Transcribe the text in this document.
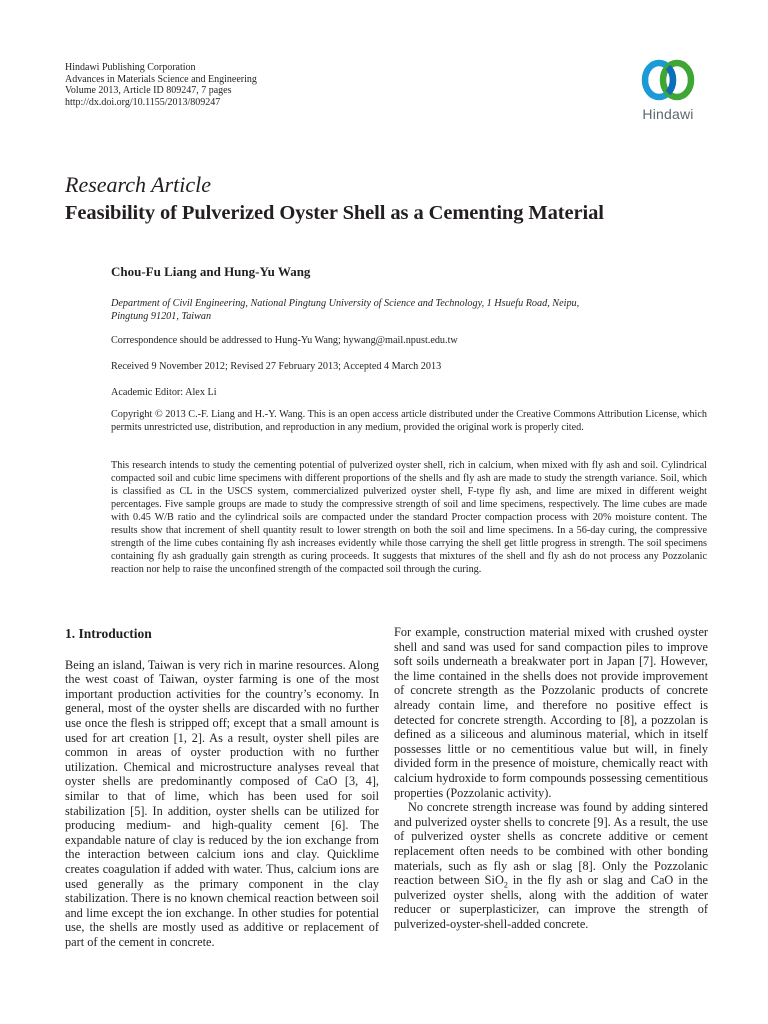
Hindawi Publishing Corporation
Advances in Materials Science and Engineering
Volume 2013, Article ID 809247, 7 pages
http://dx.doi.org/10.1155/2013/809247
Hindawi
Research Article
Feasibility of Pulverized Oyster Shell as a Cementing Material
Chou-Fu Liang and Hung-Yu Wang
Department of Civil Engineering, National Pingtung University of Science and Technology, 1 Hsuefu Road, Neipu,
Pingtung 91201, Taiwan
Correspondence should be addressed to Hung-Yu Wang; hywang@mail.npust.edu.tw
Received 9 November 2012; Revised 27 February 2013; Accepted 4 March 2013
Academic Editor: Alex Li
Copyright © 2013 C.-F. Liang and H.-Y. Wang. This is an open access article distributed under the Creative Commons Attribution License, which permits unrestricted use, distribution, and reproduction in any medium, provided the original work is properly cited.
This research intends to study the cementing potential of pulverized oyster shell, rich in calcium, when mixed with fly ash and soil. Cylindrical compacted soil and cubic lime specimens with different proportions of the shells and fly ash are made to study the strength variance. Soil, which is classified as CL in the USCS system, commercialized pulverized oyster shell, F-type fly ash, and lime are mixed in different weight percentages. Five sample groups are made to study the compressive strength of soil and lime specimens, respectively. The lime cubes are made with 0.45 W/B ratio and the cylindrical soils are compacted under the standard Procter compaction process with 20% moisture content. The results show that increment of shell quantity result to lower strength on both the soil and lime specimens. In a 56-day curing, the compressive strength of the lime cubes containing fly ash increases evidently while those carrying the shell get little progress in strength. The soil specimens containing fly ash gradually gain strength as curing proceeds. It suggests that mixtures of the shell and fly ash do not process any Pozzolanic reaction nor help to raise the unconfined strength of the compacted soil through the curing.
1. Introduction

Being an island, Taiwan is very rich in marine resources. Along the west coast of Taiwan, oyster farming is one of the most important production activities for the country’s economy. In general, most of the oyster shells are discarded with no further use once the flesh is stripped off; except that a small amount is used for art creation [1, 2]. As a result, oyster shell piles are common in areas of oyster production with no further utilization. Chemical and microstructure analyses reveal that oyster shells are predominantly composed of CaO [3, 4], similar to that of lime, which has been used for soil stabilization [5]. In addition, oyster shells can be utilized for producing medium- and high-quality cement [6]. The expandable nature of clay is reduced by the ion exchange from the interaction between calcium ions and clay. Quicklime creates coagulation if added with water. Thus, calcium ions are used generally as the primary component in the clay stabilization. There is no known chemical reaction between soil and lime except the ion exchange. In other studies for potential use, the shells are mostly used as additive or replacement of part of the cement in concrete.

For example, construction material mixed with crushed oyster shell and sand was used for sand compaction piles to improve soft soils underneath a breakwater port in Japan [7]. However, the lime contained in the shells does not provide improvement of concrete strength as the Pozzolanic products of concrete already contain lime, and therefore no positive effect is detected for concrete strength. According to [8], a pozzolan is defined as a siliceous and aluminous material, which in itself possesses little or no cementitious value but will, in finely divided form in the presence of moisture, chemically react with calcium hydroxide to form compounds possessing cementitious properties (Pozzolanic activity).

No concrete strength increase was found by adding sintered and pulverized oyster shells to concrete [9]. As a result, the use of pulverized oyster shells as concrete additive or cement replacement often needs to be combined with other bonding materials, such as fly ash or slag [8]. Only the Pozzolanic reaction between SiO$_2$ in the fly ash or slag and CaO in the pulverized oyster shells, along with the addition of water reducer or superplasticizer, can improve the strength of pulverized-oyster-shell-added concrete.
